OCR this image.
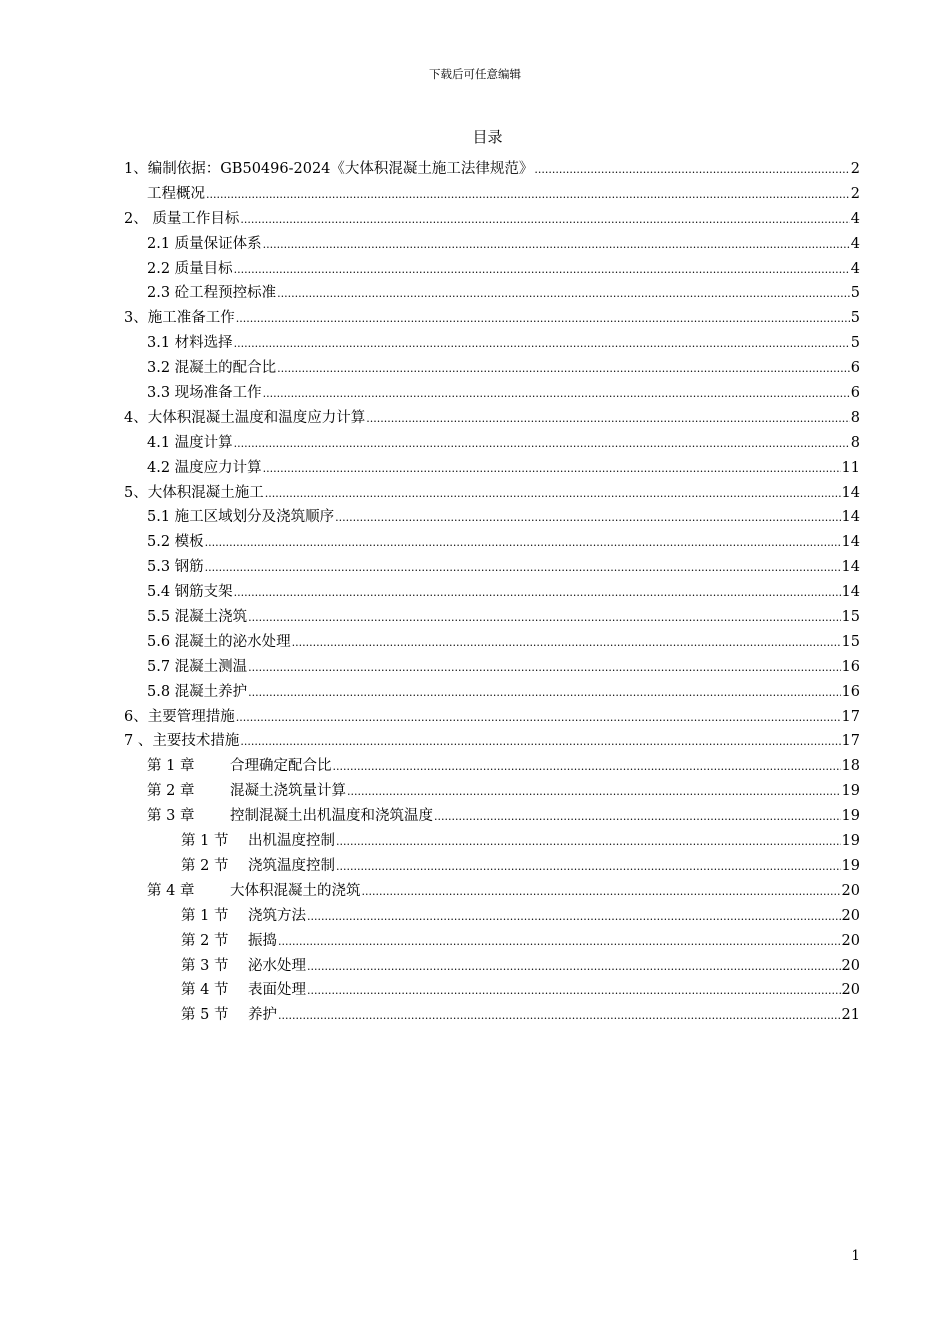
下载后可任意编辑
目录
1、编制依据：GB50496-2024《大体积混凝土施工法律规范》 .....	2
工程概况 .....	2
2、 质量工作目标 .....	4
2.1 质量保证体系 .....	4
2.2 质量目标 .....	4
2.3 砼工程预控标准 .....	5
3、施工准备工作 .....	5
3.1 材料选择 .....	5
3.2 混凝土的配合比 .....	6
3.3 现场准备工作 .....	6
4、大体积混凝土温度和温度应力计算 .....	8
4.1 温度计算 .....	8
4.2 温度应力计算 .....	11
5、大体积混凝土施工 .....	14
5.1 施工区域划分及浇筑顺序 .....	14
5.2 模板 .....	14
5.3 钢筋 .....	14
5.4 钢筋支架 .....	14
5.5 混凝土浇筑 .....	15
5.6 混凝土的泌水处理 .....	15
5.7 混凝土测温 .....	16
5.8 混凝土养护 .....	16
6、主要管理措施 .....	17
7 、主要技术措施 .....	17
第 1 章	合理确定配合比 .....	18
第 2 章	混凝土浇筑量计算 .....	19
第 3 章	控制混凝土出机温度和浇筑温度 .....	19
第 1 节	出机温度控制 .....	19
第 2 节	浇筑温度控制 .....	19
第 4 章	大体积混凝土的浇筑 .....	20
第 1 节	浇筑方法 .....	20
第 2 节	振捣 .....	20
第 3 节	泌水处理 .....	20
第 4 节	表面处理 .....	20
第 5 节	养护 .....	21
1
